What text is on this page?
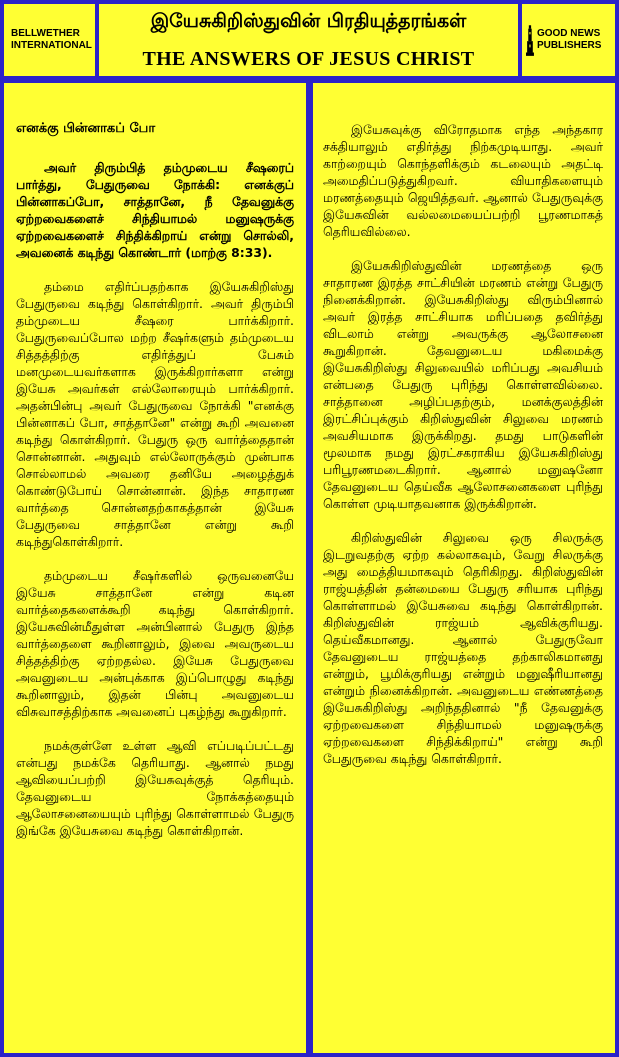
BELLWETHER INTERNATIONAL
இயேசுகிறிஸ்துவின் பிரதியுத்தரங்கள்
THE ANSWERS OF JESUS CHRIST
GOOD NEWS PUBLISHERS
எனக்கு பின்னாகப் போ

அவர் திரும்பித் தம்முடைய சீஷரைப் பார்த்து, பேதுருவை நோக்கி: எனக்குப் பின்னாகப்போ, சாத்தானே, நீ தேவனுக்கு ஏற்றவைகளைச் சிந்தியாமல் மனுஷருக்கு ஏற்றவைகளைச் சிந்திக்கிறாய் என்று சொல்லி, அவனைக் கடிந்து கொண்டார் (மாற்கு 8:33).

தம்மை எதிர்ப்பதற்காக இயேசுகிறிஸ்து பேதுருவை கடிந்து கொள்கிறார். அவர் திரும்பி தம்முடைய சீஷரை பார்க்கிறார். பேதுருவைப்போல மற்ற சீஷர்களும் தம்முடைய சித்தத்திற்கு எதிர்த்துப் பேசும் மனமுடையவர்களாக இருக்கிறார்களா என்று இயேசு அவர்கள் எல்லோரையும் பார்க்கிறார். அதன்பின்பு அவர் பேதுருவை நோக்கி "எனக்கு பின்னாகப் போ, சாத்தானே" என்று கூறி அவனை கடிந்து கொள்கிறார். பேதுரு ஒரு வார்த்தைதான் சொன்னான். அதுவும் எல்லோருக்கும் முன்பாக சொல்லாமல் அவரை தனியே அழைத்துக் கொண்டுபோய் சொன்னான். இந்த சாதாரண வார்த்தை சொன்னதற்காகத்தான் இயேசு பேதுருவை சாத்தானே என்று கூறி கடிந்துகொள்கிறார்.

தம்முடைய சீஷர்களில் ஒருவனையே இயேசு சாத்தானே என்று கடின வார்த்தைகளைக்கூறி கடிந்து கொள்கிறார். இயேசுவின்மீதுள்ள அன்பினால் பேதுரு இந்த வார்த்தைளை கூறினாலும், இவை அவருடைய சித்தத்திற்கு ஏற்றதல்ல. இயேசு பேதுருவை அவனுடைய அன்புக்காக இப்பொழுது கடிந்து கூறினாலும், இதன் பின்பு அவனுடைய விசுவாசத்திற்காக அவனைப் புகழ்ந்து கூறுகிறார்.

நமக்குள்ளே உள்ள ஆவி எப்படிப்பட்டது என்பது நமக்கே தெரியாது. ஆனால் நமது ஆவியைப்பற்றி இயேசுவுக்குத் தெரியும். தேவனுடைய நோக்கத்தையும் ஆலோசனையையும் புரிந்து கொள்ளாமல் பேதுரு இங்கே இயேசுவை கடிந்து கொள்கிறான்.

இயேசுவுக்கு விரோதமாக எந்த அந்தகார சக்தியாலும் எதிர்த்து நிற்கமுடியாது. அவர் காற்றையும் கொந்தளிக்கும் கடலையும் அதட்டி அமைதிப்படுத்துகிறவர். வியாதிகளையும் மரணத்தையும் ஜெயித்தவர். ஆனால் பேதுருவுக்கு இயேசுவின் வல்லமையைப்பற்றி பூரணமாகத் தெரியவில்லை.

இயேசுகிறிஸ்துவின் மரணத்தை ஒரு சாதாரண இரத்த சாட்சியின் மரணம் என்று பேதுரு நினைக்கிறான். இயேசுகிறிஸ்து விரும்பினால் அவர் இரத்த சாட்சியாக மரிப்பதை தவிர்த்து விடலாம் என்று அவருக்கு ஆலோசனை கூறுகிறான். தேவனுடைய மகிமைக்கு இயேசுகிறிஸ்து சிலுவையில் மரிப்பது அவசியம் என்பதை பேதுரு புரிந்து கொள்ளவில்லை. சாத்தானை அழிப்பதற்கும், மனக்குலத்தின் இரட்சிப்புக்கும் கிறிஸ்துவின் சிலுவை மரணம் அவசியமாக இருக்கிறது. தமது பாடுகளின் மூலமாக நமது இரட்சகராகிய இயேசுகிறிஸ்து பரிபூரணமடைகிறார். ஆனால் மனுஷனோ தேவனுடைய தெய்வீக ஆலோசனைகளை புரிந்து கொள்ள முடியாதவனாக இருக்கிறான்.

கிறிஸ்துவின் சிலுவை ஒரு சிலருக்கு இடறுவதற்கு ஏற்ற கல்லாகவும், வேறு சிலருக்கு அது மைத்தியமாகவும் தெரிகிறது. கிறிஸ்துவின் ராஜ்யத்தின் தன்மையை பேதுரு சரியாக புரிந்து கொள்ளாமல் இயேசுவை கடிந்து கொள்கிறான். கிறிஸ்துவின் ராஜ்யம் ஆவிக்குரியது. தெய்வீகமானது. ஆனால் பேதுருவோ தேவனுடைய ராஜ்யத்தை தற்காலிகமானது என்றும், பூமிக்குரியது என்றும் மனுஷீரியானது என்றும் நினைக்கிறான். அவனுடைய எண்ணத்தை இயேசுகிறிஸ்து அறிந்ததினால் "நீ தேவனுக்கு ஏற்றவைகளை சிந்தியாமல் மனுஷருக்கு ஏற்றவைகளை சிந்திக்கிறாய்" என்று கூறி பேதுருவை கடிந்து கொள்கிறார்.
